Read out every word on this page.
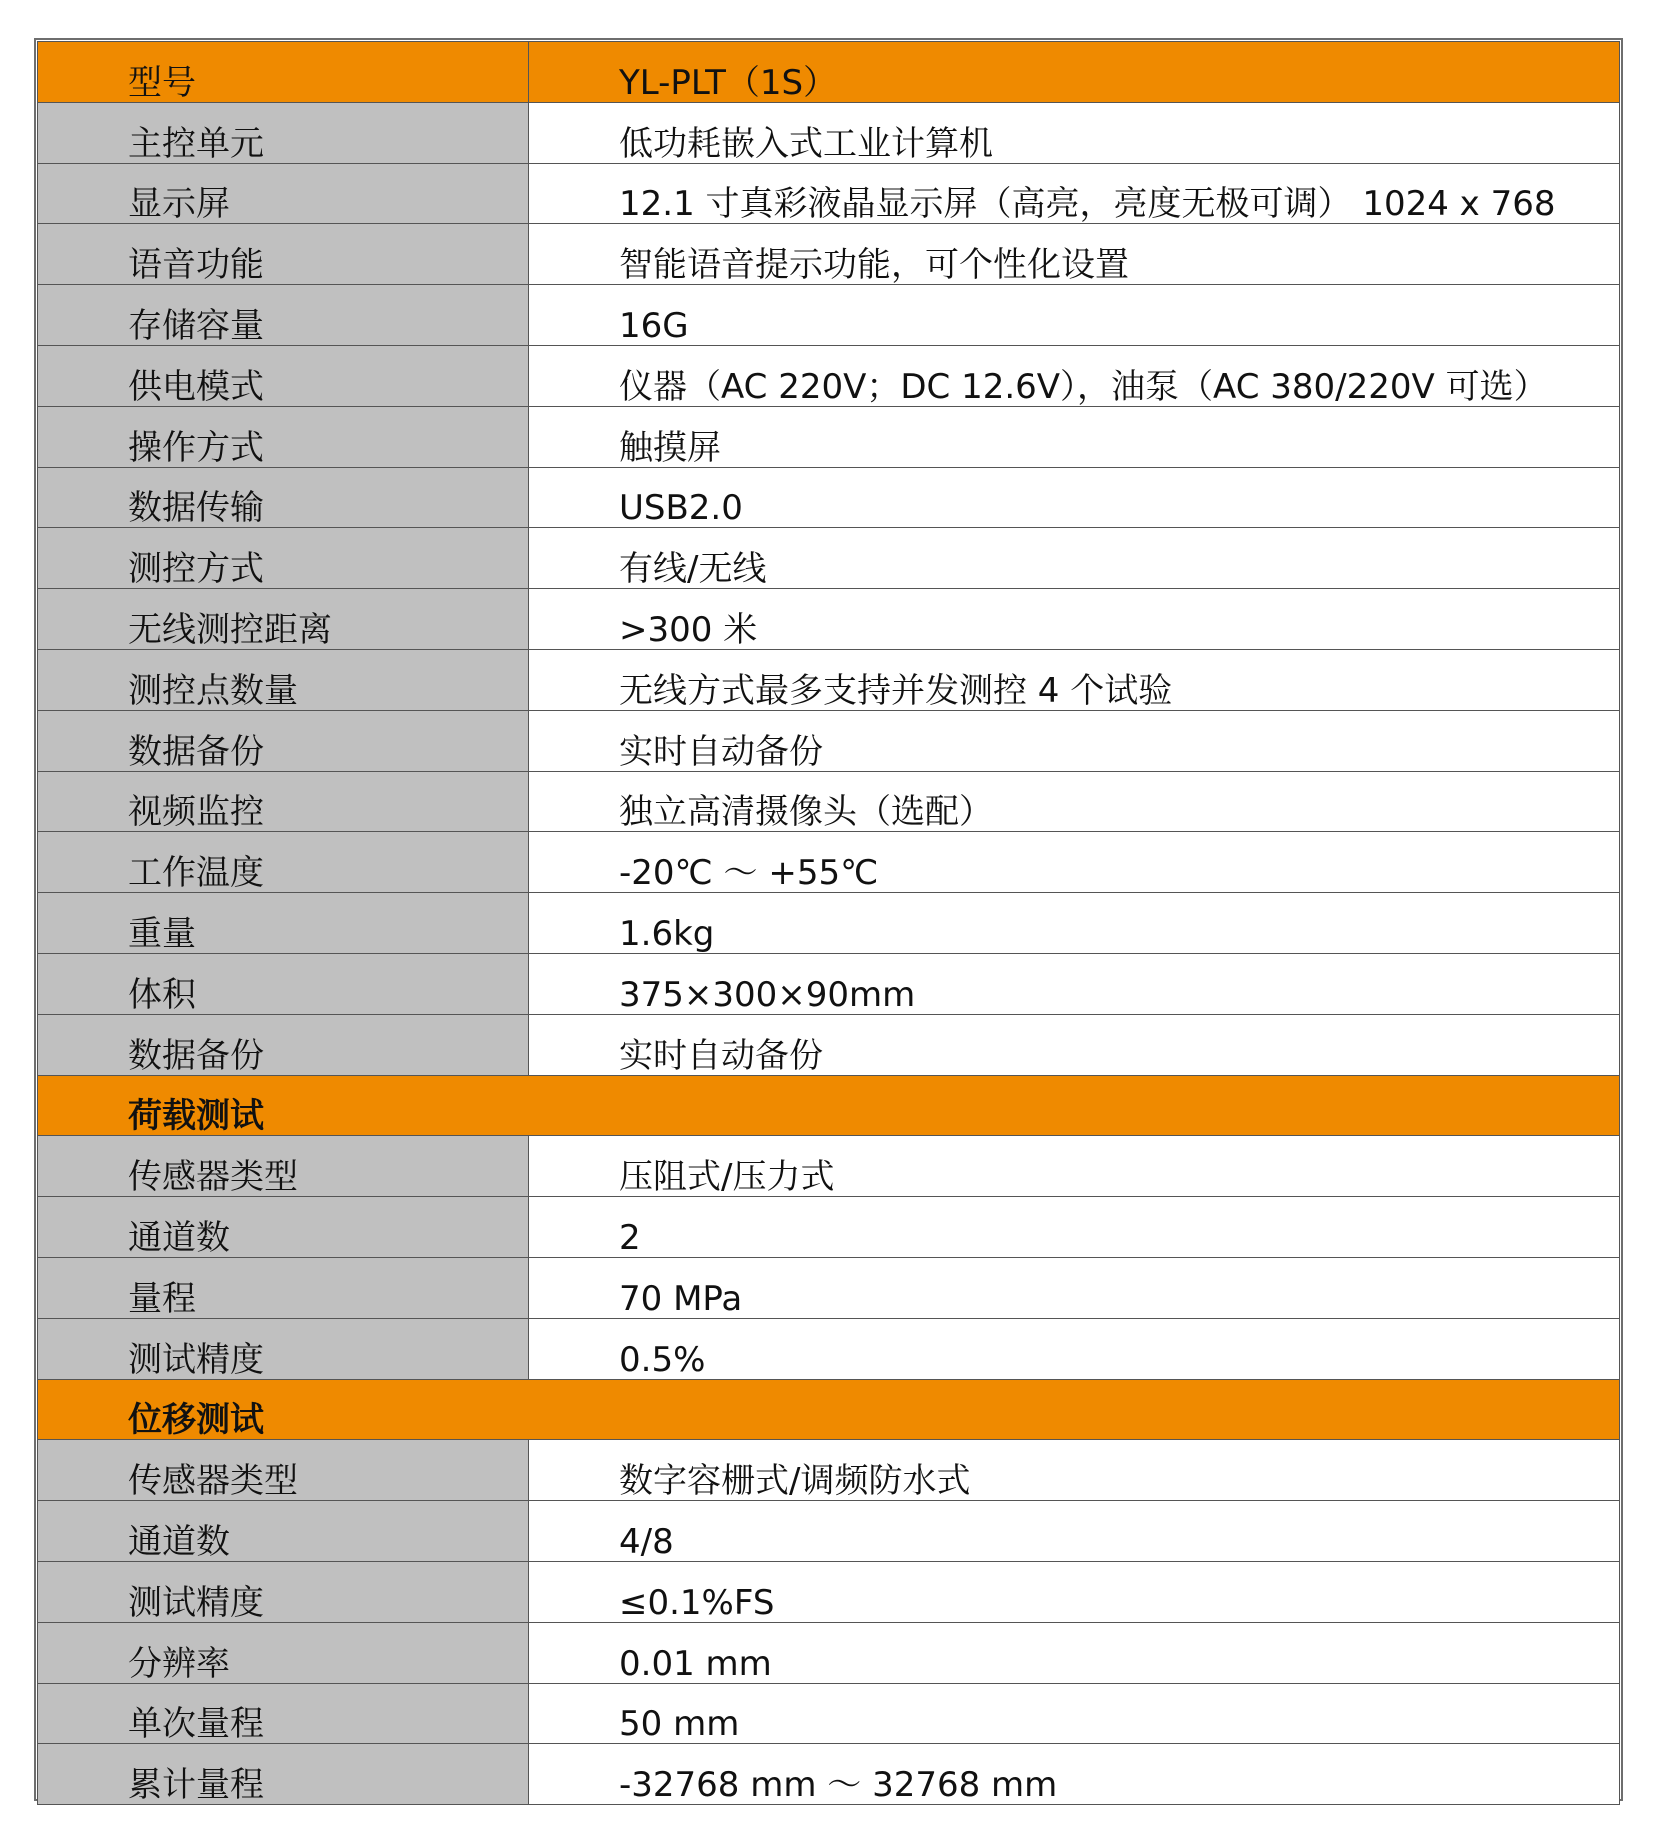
型号	YL-PLT（1S）
主控单元	低功耗嵌入式工业计算机
显示屏	12.1 寸真彩液晶显示屏（高亮，亮度无极可调） 1024 x 768
语音功能	智能语音提示功能，可个性化设置
存储容量	16G
供电模式	仪器（AC 220V；DC 12.6V），油泵（AC 380/220V 可选）
操作方式	触摸屏
数据传输	USB2.0
测控方式	有线/无线
无线测控距离	>300 米
测控点数量	无线方式最多支持并发测控 4 个试验
数据备份	实时自动备份
视频监控	独立高清摄像头（选配）
工作温度	-20℃ ～ +55℃
重量	1.6kg
体积	375×300×90mm
数据备份	实时自动备份
荷载测试	
传感器类型	压阻式/压力式
通道数	2
量程	70 MPa
测试精度	0.5%
位移测试	
传感器类型	数字容栅式/调频防水式
通道数	4/8
测试精度	≤0.1%FS
分辨率	0.01 mm
单次量程	50 mm
累计量程	-32768 mm ～ 32768 mm
